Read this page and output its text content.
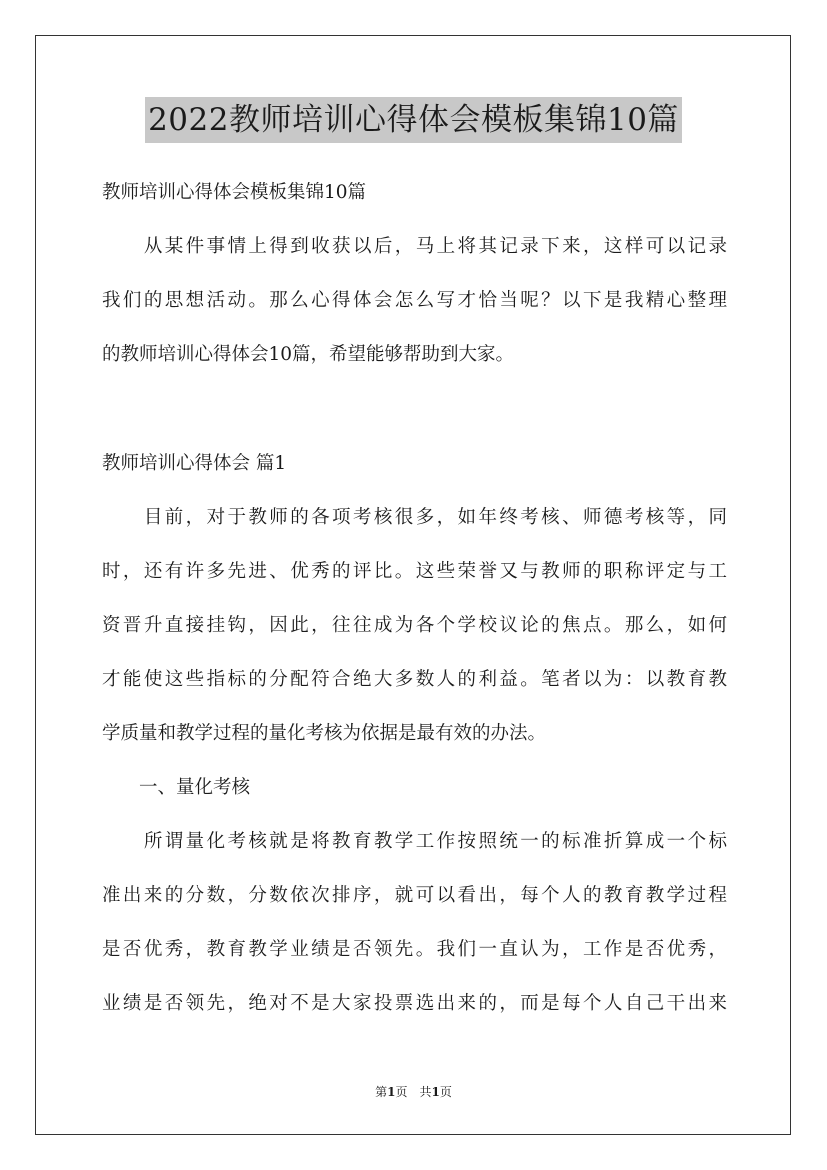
2022教师培训心得体会模板集锦10篇
教师培训心得体会模板集锦10篇
　　从某件事情上得到收获以后，马上将其记录下来，这样可以记录
我们的思想活动。那么心得体会怎么写才恰当呢？以下是我精心整理
的教师培训心得体会10篇，希望能够帮助到大家。
教师培训心得体会 篇1
　　目前，对于教师的各项考核很多，如年终考核、师德考核等，同
时，还有许多先进、优秀的评比。这些荣誉又与教师的职称评定与工
资晋升直接挂钩，因此，往往成为各个学校议论的焦点。那么，如何
才能使这些指标的分配符合绝大多数人的利益。笔者以为：以教育教
学质量和教学过程的量化考核为依据是最有效的办法。
　　一、量化考核
　　所谓量化考核就是将教育教学工作按照统一的标准折算成一个标
准出来的分数，分数依次排序，就可以看出，每个人的教育教学过程
是否优秀，教育教学业绩是否领先。我们一直认为，工作是否优秀，
业绩是否领先，绝对不是大家投票选出来的，而是每个人自己干出来
第1页　共1页
